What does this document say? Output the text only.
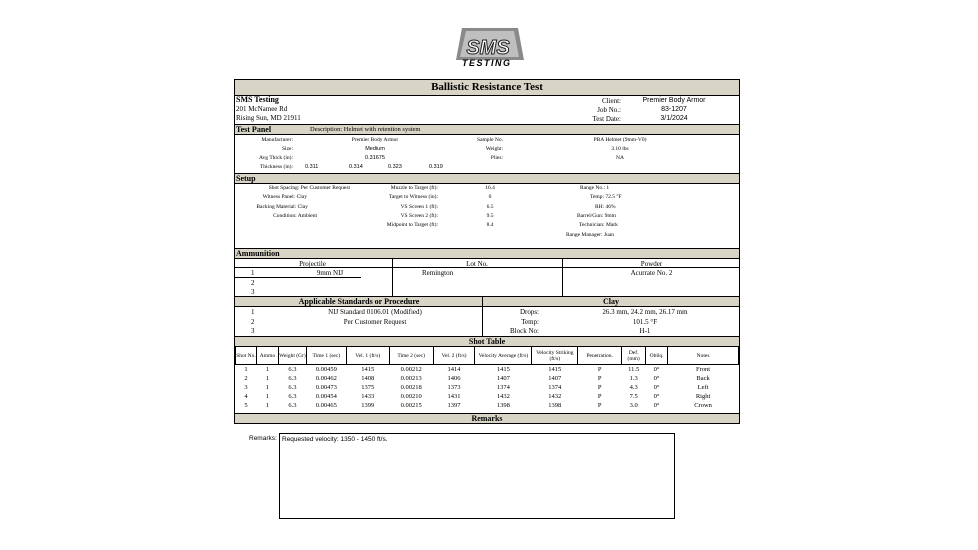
SMS
TESTING
Ballistic Resistance Test
SMS Testing
201 McNamee Rd
Rising Sun, MD 21911
Client:	Premier Body Armor
Job No.:	83-1207
Test Date:	3/1/2024
Test Panel	Description: Helmet with retention system
Manufacturer:	Premier Body Armor
Size:	Medium
Avg Thick (in):	0.31675
Thickness (in): 0.311	0.314	0.323	0.319
Sample No.	PBA Helmet (9mm-V0)
Weight:	3.10 lbs
Plies:	NA
Setup
Shot Spacing: Per Customer Request
Witness Panel: Clay
Backing Material: Clay
Condition: Ambient
Muzzle to Target (ft):	16.4
Target to Witness (in):	0
VS Screen 1 (ft):	6.5
VS Screen 2 (ft):	9.5
Midpoint to Target (ft):	8.4
Range No.: 1
Temp: 72.5 °F
RH: 46%
Barrel/Gun: 9mm
Technician: Mark
Range Manager: Juan
Ammunition
Projectile	Lot No.	Powder
1	9mm NIJ	Remington	Acurrate No. 2
2
3
Applicable Standards or Procedure	Clay
1	NIJ Standard 0106.01 (Modified)
2	Per Customer Request
3
Drops:	26.3 mm, 24.2 mm, 26.17 mm
Temp:	101.5 °F
Block No:	H-1
Shot Table
Shot No.	Ammo	Weight (Gr)	Time 1 (sec)	Vel. 1 (ft/s)	Time 2 (sec)	Vel. 2 (ft/s)	Velocity Average (ft/s)	Velocity Striking (ft/s)	Penetration.	Def. (mm)	Obliq.	Notes
1	1	6.3	0.00459	1415	0.00212	1414	1415	1415	P	11.5	0°	Front
2	1	6.3	0.00462	1408	0.00213	1406	1407	1407	P	1.3	0°	Back
3	1	6.3	0.00473	1375	0.00218	1373	1374	1374	P	4.3	0°	Left
4	1	6.3	0.00454	1433	0.00210	1431	1432	1432	P	7.5	0°	Right
5	1	6.3	0.00465	1399	0.00215	1397	1398	1398	P	3.0	0°	Crown
Remarks
Remarks: Requested velocity: 1350 - 1450 ft/s.
